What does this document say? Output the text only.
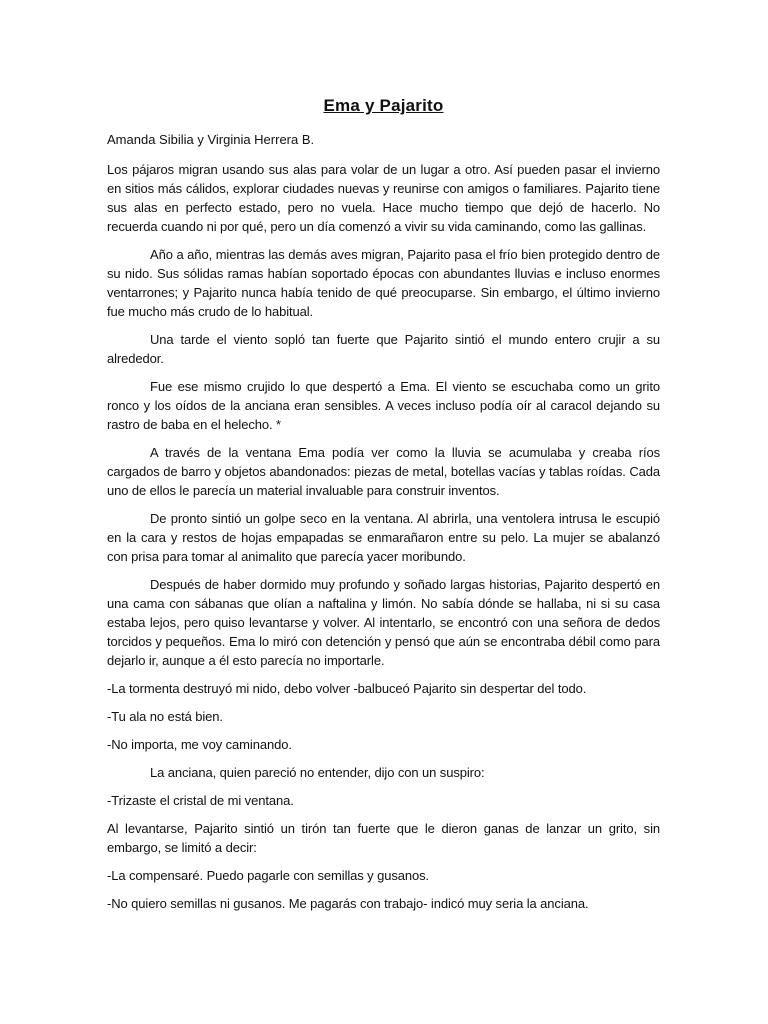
Ema y Pajarito
Amanda Sibilia y Virginia Herrera B.

Los pájaros migran usando sus alas para volar de un lugar a otro. Así pueden pasar el invierno en sitios más cálidos, explorar ciudades nuevas y reunirse con amigos o familiares. Pajarito tiene sus alas en perfecto estado, pero no vuela. Hace mucho tiempo que dejó de hacerlo. No recuerda cuando ni por qué, pero un día comenzó a vivir su vida caminando, como las gallinas.

Año a año, mientras las demás aves migran, Pajarito pasa el frío bien protegido dentro de su nido. Sus sólidas ramas habían soportado épocas con abundantes lluvias e incluso enormes ventarrones; y Pajarito nunca había tenido de qué preocuparse. Sin embargo, el último invierno fue mucho más crudo de lo habitual.

Una tarde el viento sopló tan fuerte que Pajarito sintió el mundo entero crujir a su alrededor.

Fue ese mismo crujido lo que despertó a Ema. El viento se escuchaba como un grito ronco y los oídos de la anciana eran sensibles. A veces incluso podía oír al caracol dejando su rastro de baba en el helecho. *

A través de la ventana Ema podía ver como la lluvia se acumulaba y creaba ríos cargados de barro y objetos abandonados: piezas de metal, botellas vacías y tablas roídas. Cada uno de ellos le parecía un material invaluable para construir inventos.

De pronto sintió un golpe seco en la ventana. Al abrirla, una ventolera intrusa le escupió en la cara y restos de hojas empapadas se enmarañaron entre su pelo. La mujer se abalanzó con prisa para tomar al animalito que parecía yacer moribundo.

Después de haber dormido muy profundo y soñado largas historias, Pajarito despertó en una cama con sábanas que olían a naftalina y limón. No sabía dónde se hallaba, ni si su casa estaba lejos, pero quiso levantarse y volver. Al intentarlo, se encontró con una señora de dedos torcidos y pequeños. Ema lo miró con detención y pensó que aún se encontraba débil como para dejarlo ir, aunque a él esto parecía no importarle.

-La tormenta destruyó mi nido, debo volver -balbuceó Pajarito sin despertar del todo.

-Tu ala no está bien.

-No importa, me voy caminando.

La anciana, quien pareció no entender, dijo con un suspiro:

-Trizaste el cristal de mi ventana.

Al levantarse, Pajarito sintió un tirón tan fuerte que le dieron ganas de lanzar un grito, sin embargo, se limitó a decir:

-La compensaré. Puedo pagarle con semillas y gusanos.

-No quiero semillas ni gusanos. Me pagarás con trabajo- indicó muy seria la anciana.
